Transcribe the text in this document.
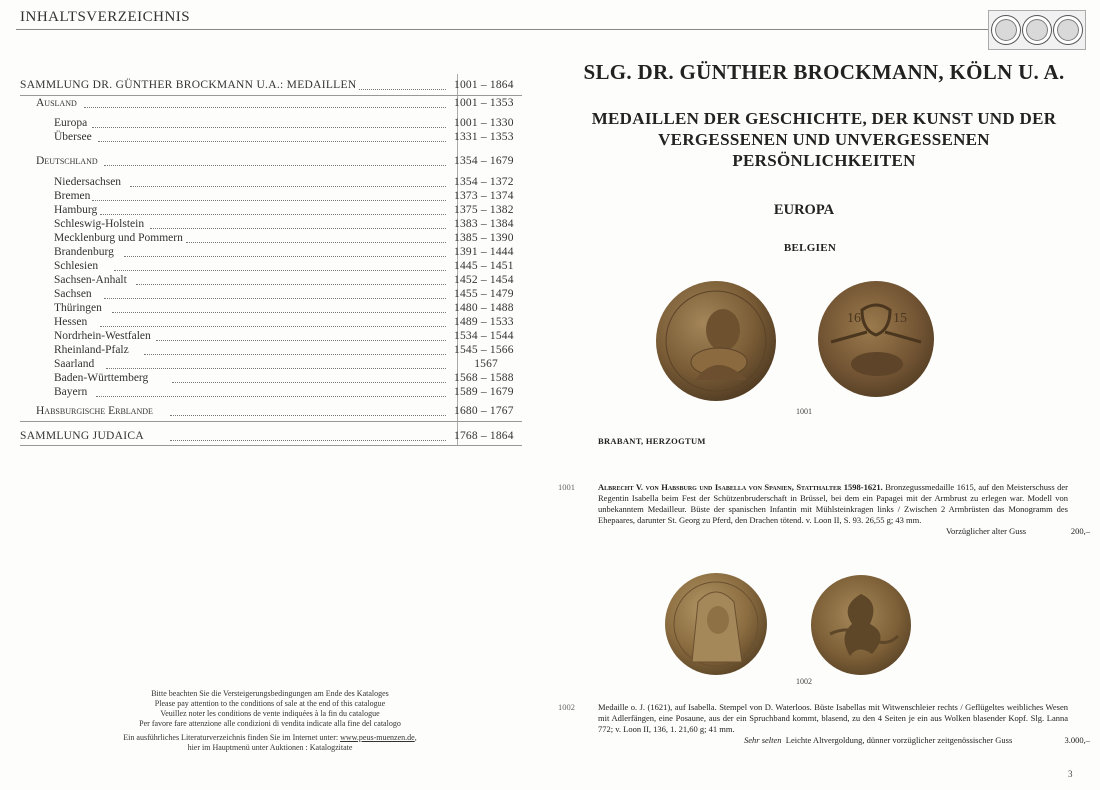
INHALTSVERZEICHNIS
SAMMLUNG DR. GÜNTHER BROCKMANN U.A.: MEDAILLEN	1001 – 1864
Ausland	1001 – 1353
Europa	1001 – 1330
Übersee	1331 – 1353
Deutschland	1354 – 1679
Niedersachsen	1354 – 1372
Bremen	1373 – 1374
Hamburg	1375 – 1382
Schleswig-Holstein	1383 – 1384
Mecklenburg und Pommern	1385 – 1390
Brandenburg	1391 – 1444
Schlesien	1445 – 1451
Sachsen-Anhalt	1452 – 1454
Sachsen	1455 – 1479
Thüringen	1480 – 1488
Hessen	1489 – 1533
Nordrhein-Westfalen	1534 – 1544
Rheinland-Pfalz	1545 – 1566
Saarland	1567
Baden-Württemberg	1568 – 1588
Bayern	1589 – 1679
Habsburgische Erblande	1680 – 1767
SAMMLUNG JUDAICA	1768 – 1864
Bitte beachten Sie die Versteigerungsbedingungen am Ende des Kataloges
Please pay attention to the conditions of sale at the end of this catalogue
Veuillez noter les conditions de vente indiquées à la fin du catalogue
Per favore fare attenzione alle condizioni di vendita indicate alla fine del catalogo
Ein ausführliches Literaturverzeichnis finden Sie im Internet unter: www.peus-muenzen.de,
hier im Hauptmenü unter Auktionen : Katalogzitate
SLG. DR. GÜNTHER BROCKMANN, KÖLN U. A.
MEDAILLEN DER GESCHICHTE, DER KUNST UND DER
VERGESSENEN UND UNVERGESSENEN
PERSÖNLICHKEITEN
EUROPA
BELGIEN
16 15
1001
BRABANT, HERZOGTUM
1001	Albrecht V. von Habsburg und Isabella von Spanien, Statthalter 1598-1621. Bronzegussmedaille 1615, auf den Meisterschuss der Regentin Isabella beim Fest der Schützenbruderschaft in Brüssel, bei dem ein Papagei mit der Armbrust zu erlegen war. Modell von unbekanntem Medailleur. Büste der spanischen Infantin mit Mühlsteinkragen links / Zwischen 2 Armbrüsten das Monogramm des Ehepaares, darunter St. Georg zu Pferd, den Drachen tötend. v. Loon II, S. 93. 26,55 g; 43 mm.
Vorzüglicher alter Guss	200,–
1002
1002	Medaille o. J. (1621), auf Isabella. Stempel von D. Waterloos. Büste Isabellas mit Witwenschleier rechts / Geflügeltes weibliches Wesen mit Adlerfängen, eine Posaune, aus der ein Spruchband kommt, blasend, zu den 4 Seiten je ein aus Wolken blasender Kopf. Slg. Lanna 772; v. Loon II, 136, 1. 21,60 g; 41 mm.
Sehr selten Leichte Altvergoldung, dünner vorzüglicher zeitgenössischer Guss	3.000,–
3
